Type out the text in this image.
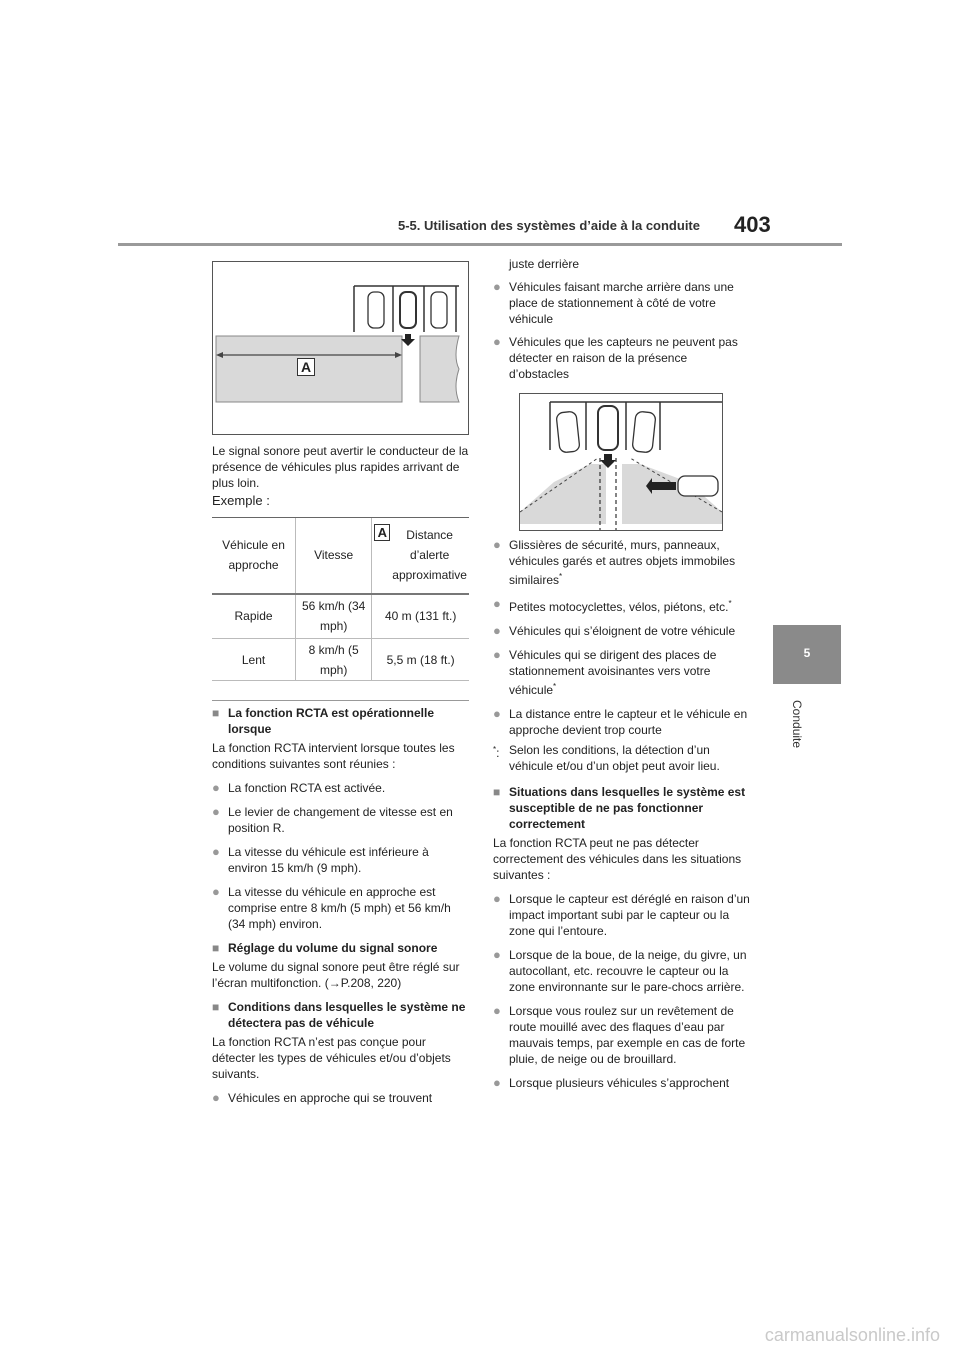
5-5. Utilisation des systèmes d’aide à la conduite 403
5
Conduite
A
Le signal sonore peut avertir le conducteur de la présence de véhicules plus rapides arrivant de plus loin.
Exemple :
Véhicule en approche	Vitesse	A Distance d’alerte approximative

Rapide	56 km/h (34 mph)	40 m (131 ft.)
Lent	8 km/h (5 mph)	5,5 m (18 ft.)
■ La fonction RCTA est opérationnelle lorsque
La fonction RCTA intervient lorsque toutes les conditions suivantes sont réunies :
● La fonction RCTA est activée.
● Le levier de changement de vitesse est en position R.
● La vitesse du véhicule est inférieure à environ 15 km/h (9 mph).
● La vitesse du véhicule en approche est comprise entre 8 km/h (5 mph) et 56 km/h (34 mph) environ.
■ Réglage du volume du signal sonore
Le volume du signal sonore peut être réglé sur l’écran multifonction. (→P.208, 220)
■ Conditions dans lesquelles le système ne détectera pas de véhicule
La fonction RCTA n’est pas conçue pour détecter les types de véhicules et/ou d’objets suivants.
● Véhicules en approche qui se trouvent
juste derrière
● Véhicules faisant marche arrière dans une place de stationnement à côté de votre véhicule
● Véhicules que les capteurs ne peuvent pas détecter en raison de la présence d’obstacles
● Glissières de sécurité, murs, panneaux, véhicules garés et autres objets immobiles similaires*
● Petites motocyclettes, vélos, piétons, etc.*
● Véhicules qui s’éloignent de votre véhicule
● Véhicules qui se dirigent des places de stationnement avoisinantes vers votre véhicule*
● La distance entre le capteur et le véhicule en approche devient trop courte
*: Selon les conditions, la détection d’un véhicule et/ou d’un objet peut avoir lieu.
■ Situations dans lesquelles le système est susceptible de ne pas fonctionner correctement
La fonction RCTA peut ne pas détecter correctement des véhicules dans les situations suivantes :
● Lorsque le capteur est déréglé en raison d’un impact important subi par le capteur ou la zone qui l’entoure.
● Lorsque de la boue, de la neige, du givre, un autocollant, etc. recouvre le capteur ou la zone environnante sur le pare-chocs arrière.
● Lorsque vous roulez sur un revêtement de route mouillé avec des flaques d’eau par mauvais temps, par exemple en cas de forte pluie, de neige ou de brouillard.
● Lorsque plusieurs véhicules s’approchent
carmanualsonline.info
